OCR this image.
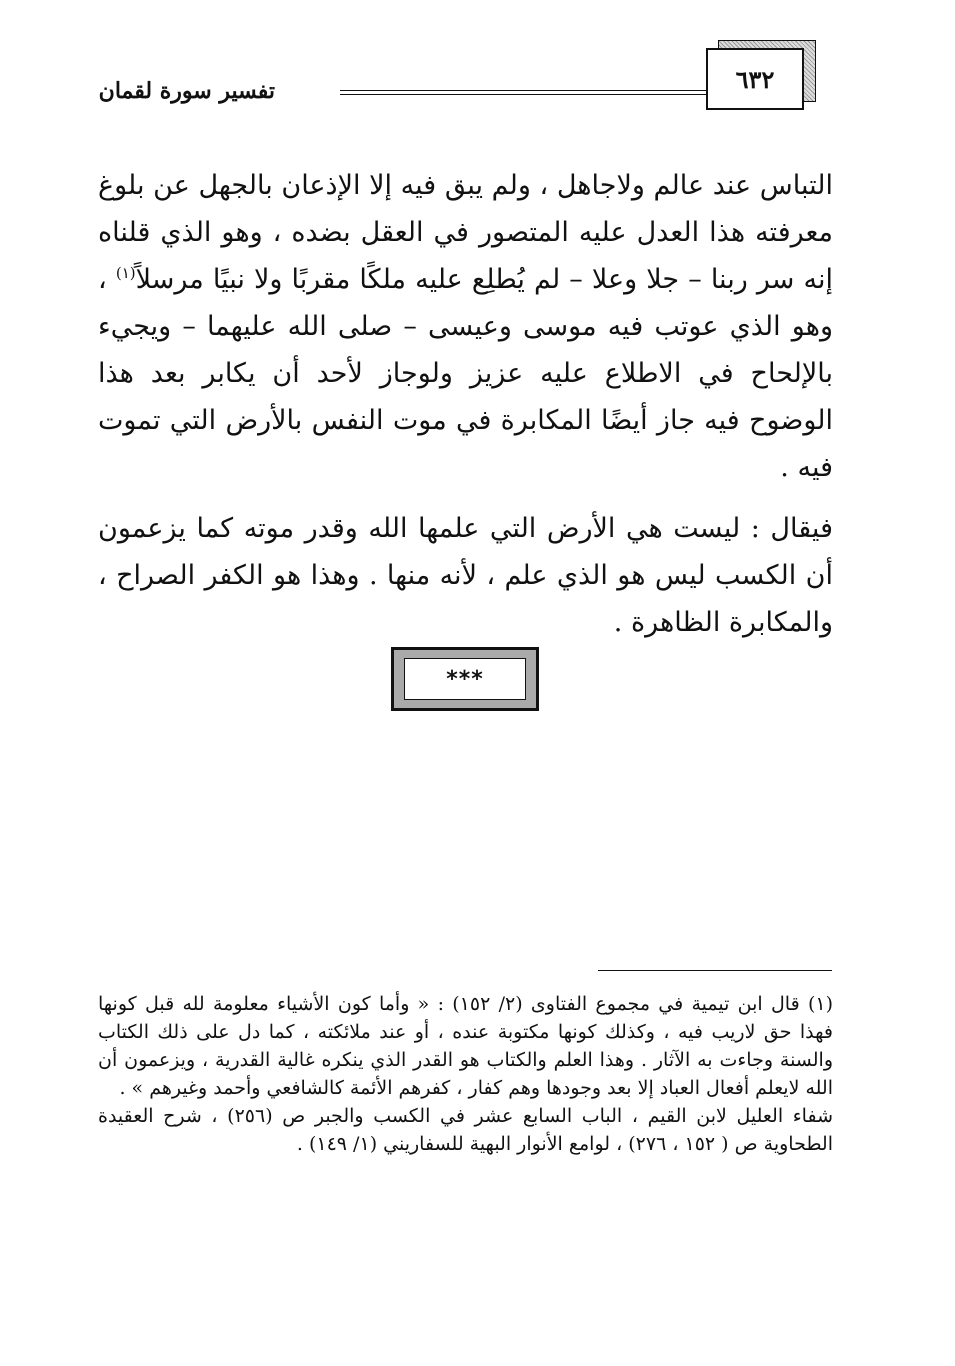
٦٣٢
تفسير سورة لقمان

التباس عند عالم ولاجاهل ، ولم يبق فيه إلا الإذعان بالجهل عن بلوغ معرفته هذا العدل عليه المتصور في العقل بضده ، وهو الذي قلناه إنه سر ربنا – جلا وعلا – لم يُطلِع عليه ملكًا مقربًا ولا نبيًا مرسلاً$^{(١)}$ ، وهو الذي عوتب فيه موسى وعيسى – صلى الله عليهما – ويجيء بالإلحاح في الاطلاع عليه عزيز ولوجاز لأحد أن يكابر بعد هذا الوضوح فيه جاز أيضًا المكابرة في موت النفس بالأرض التي تموت فيه .

فيقال : ليست هي الأرض التي علمها الله وقدر موته كما يزعمون أن الكسب ليس هو الذي علم ، لأنه منها . وهذا هو الكفر الصراح ، والمكابرة الظاهرة .

***

(١) قال ابن تيمية في مجموع الفتاوى (٢/ ١٥٢) : « وأما كون الأشياء معلومة لله قبل كونها فهذا حق لاريب فيه ، وكذلك كونها مكتوبة عنده ، أو عند ملائكته ، كما دل على ذلك الكتاب والسنة وجاءت به الآثار . وهذا العلم والكتاب هو القدر الذي ينكره غالية القدرية ، ويزعمون أن الله لايعلم أفعال العباد إلا بعد وجودها وهم كفار ، كفرهم الأئمة كالشافعي وأحمد وغيرهم » .

شفاء العليل لابن القيم ، الباب السابع عشر في الكسب والجبر ص (٢٥٦) ، شرح العقيدة الطحاوية ص ( ١٥٢ ، ٢٧٦) ، لوامع الأنوار البهية للسفاريني (١/ ١٤٩) .
